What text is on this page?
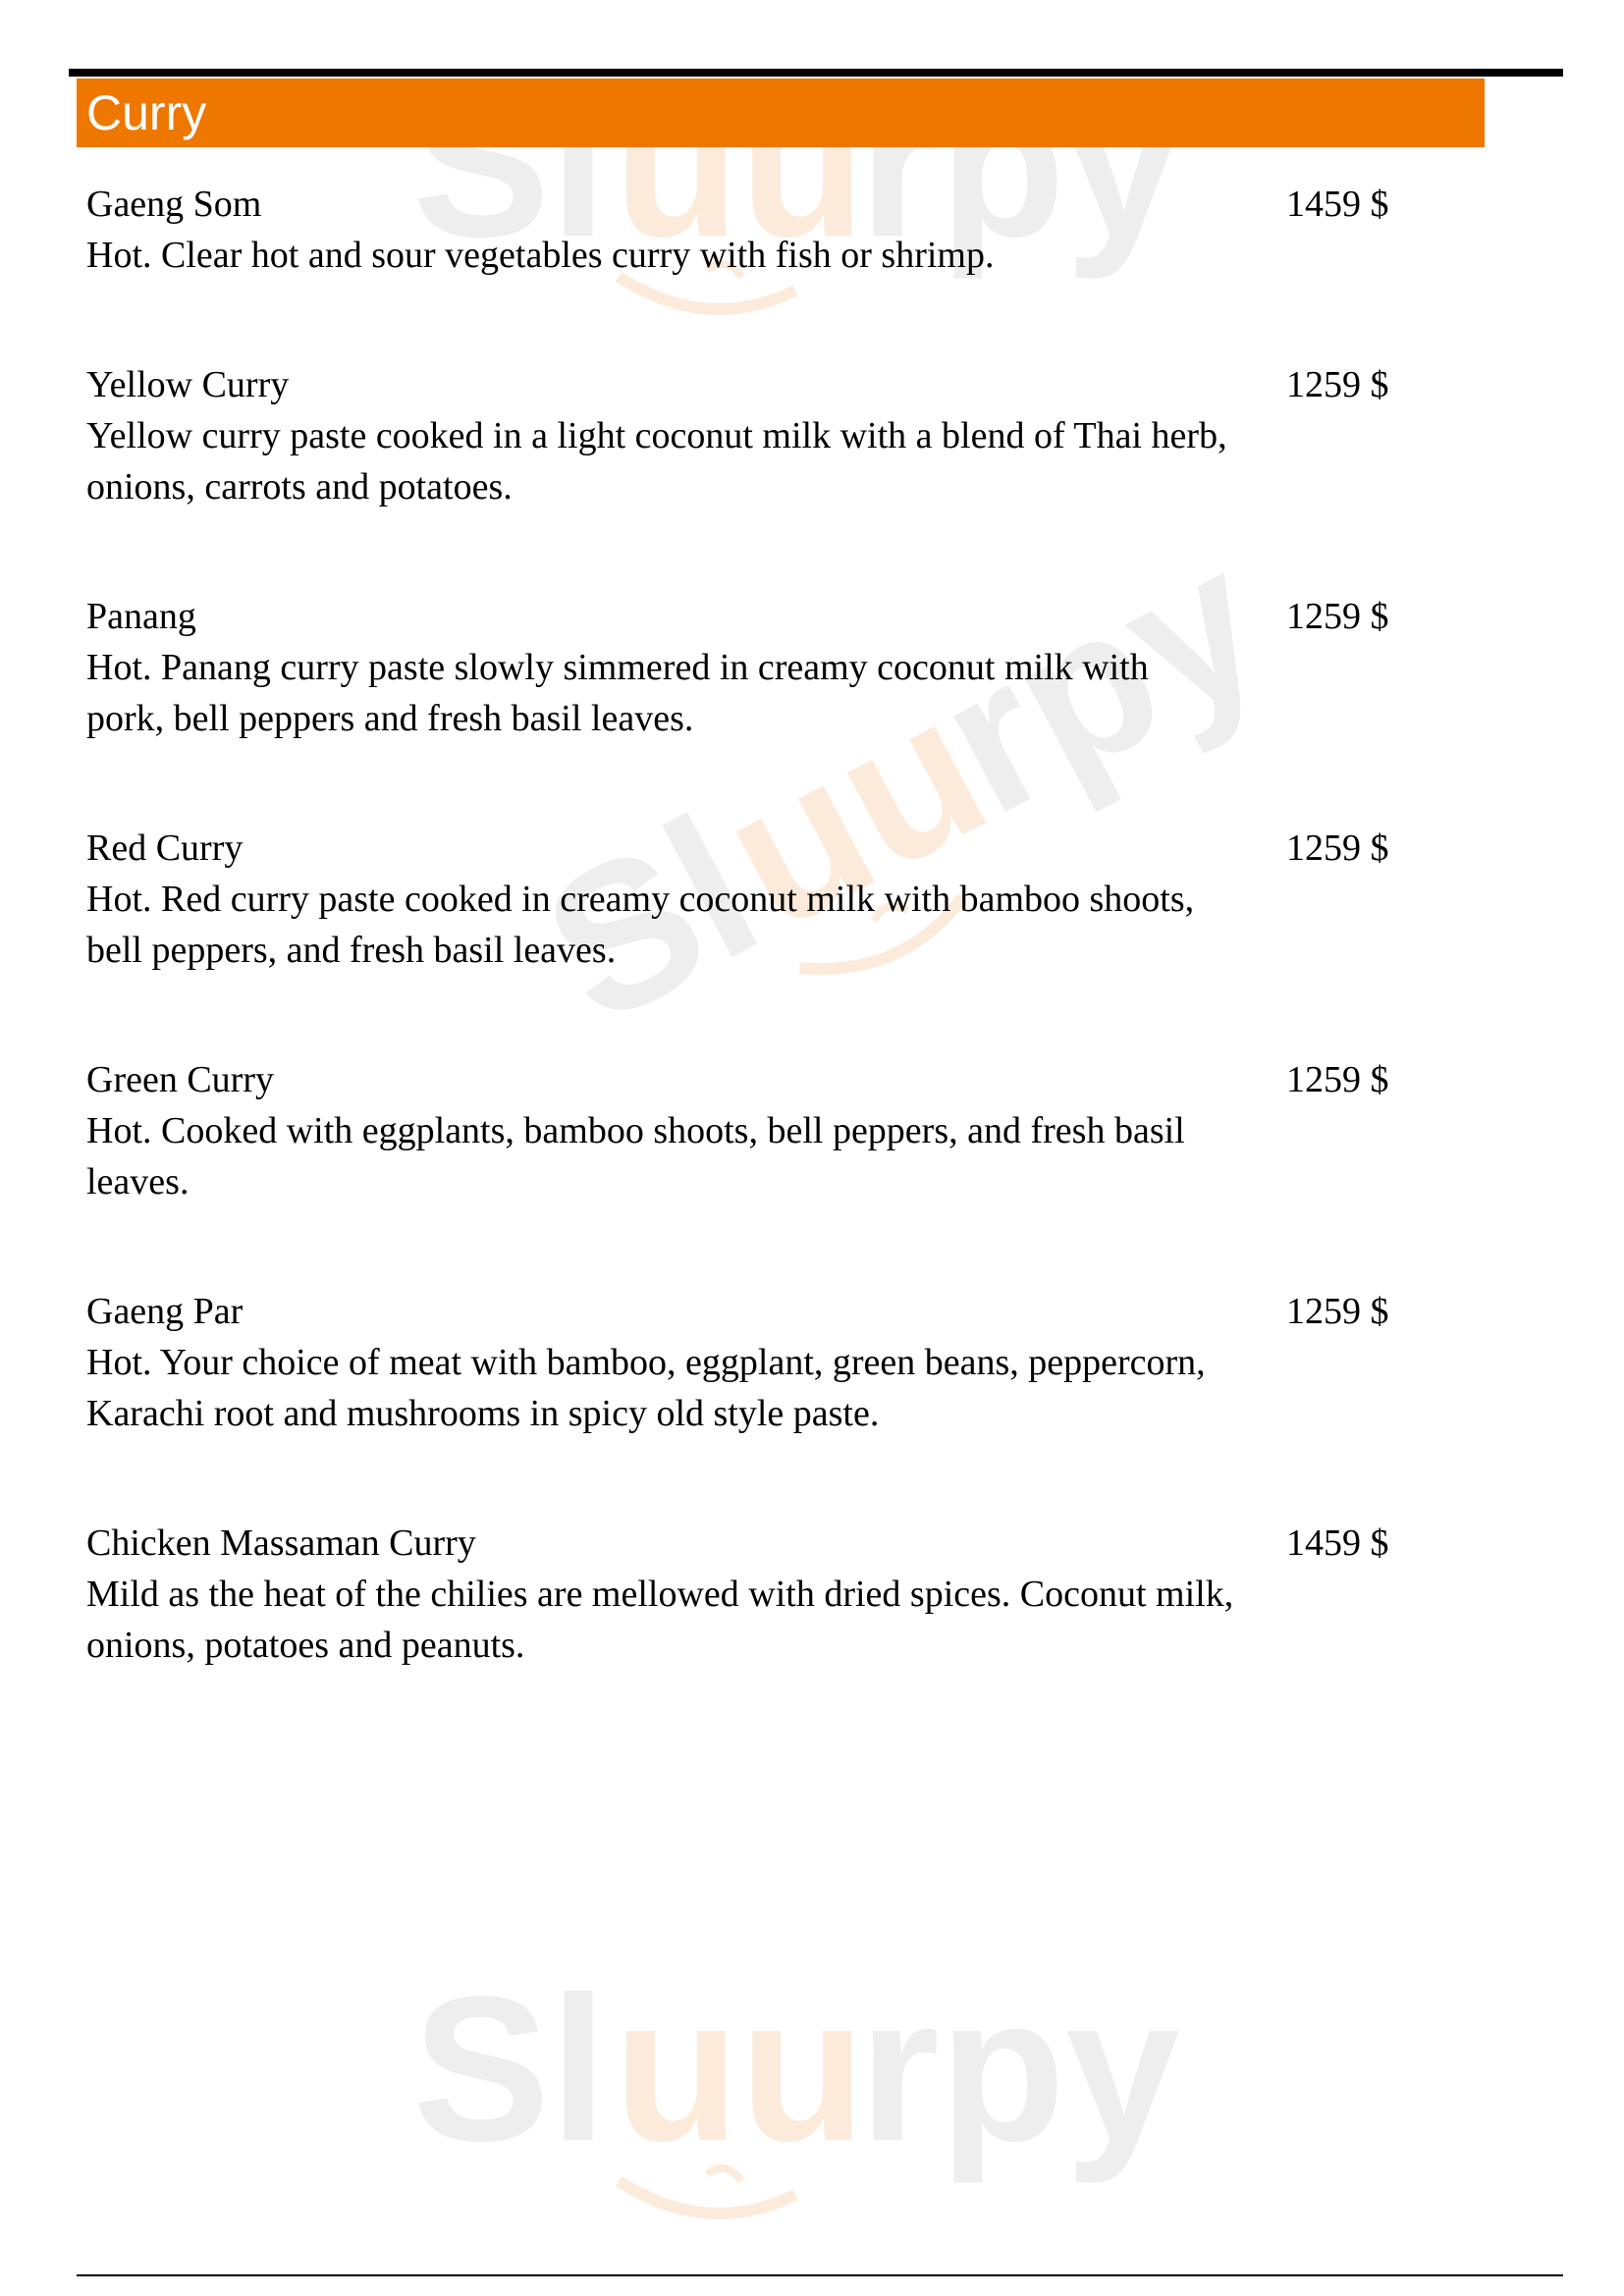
Sl uu
rpy
Sl
uu
rpy
Sl uu
rpy
Curry
Gaeng Som	1459 $
Hot. Clear hot and sour vegetables curry with fish or shrimp.
Yellow Curry	1259 $
Yellow curry paste cooked in a light coconut milk with a blend of Thai herb, onions, carrots and potatoes.
Panang	1259 $
Hot. Panang curry paste slowly simmered in creamy coconut milk with pork, bell peppers and fresh basil leaves.
Red Curry	1259 $
Hot. Red curry paste cooked in creamy coconut milk with bamboo shoots, bell peppers, and fresh basil leaves.
Green Curry	1259 $
Hot. Cooked with eggplants, bamboo shoots, bell peppers, and fresh basil leaves.
Gaeng Par	1259 $
Hot. Your choice of meat with bamboo, eggplant, green beans, peppercorn, Karachi root and mushrooms in spicy old style paste.
Chicken Massaman Curry	1459 $
Mild as the heat of the chilies are mellowed with dried spices. Coconut milk, onions, potatoes and peanuts.
